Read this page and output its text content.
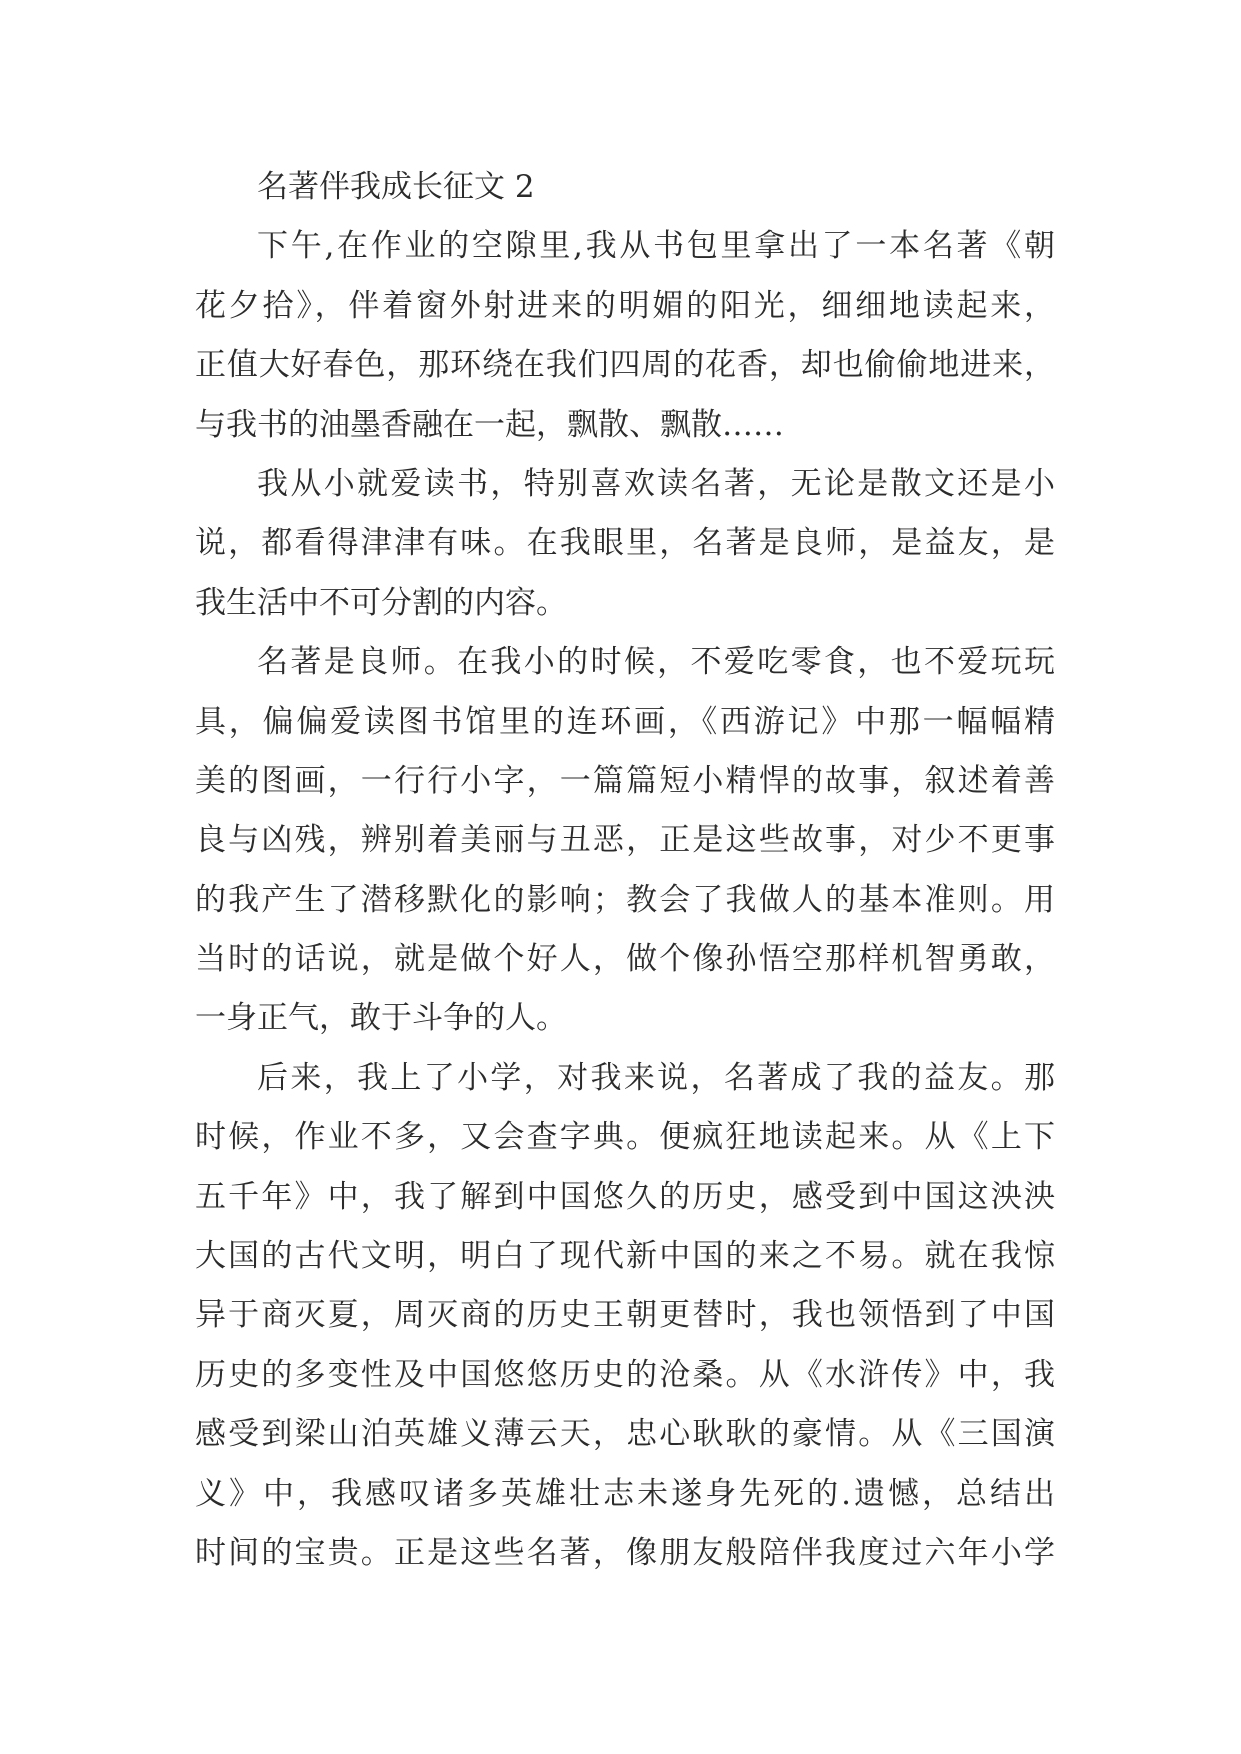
名著伴我成长征文 2
下午,在作业的空隙里,我从书包里拿出了一本名著《朝
花夕拾》，伴着窗外射进来的明媚的阳光，细细地读起来，
正值大好春色，那环绕在我们四周的花香，却也偷偷地进来，
与我书的油墨香融在一起，飘散、飘散……
我从小就爱读书，特别喜欢读名著，无论是散文还是小
说，都看得津津有味。在我眼里，名著是良师，是益友，是
我生活中不可分割的内容。
名著是良师。在我小的时候，不爱吃零食，也不爱玩玩
具，偏偏爱读图书馆里的连环画，《西游记》中那一幅幅精
美的图画，一行行小字，一篇篇短小精悍的故事，叙述着善
良与凶残，辨别着美丽与丑恶，正是这些故事，对少不更事
的我产生了潜移默化的影响；教会了我做人的基本准则。用
当时的话说，就是做个好人，做个像孙悟空那样机智勇敢，
一身正气，敢于斗争的人。
后来，我上了小学，对我来说，名著成了我的益友。那
时候，作业不多，又会查字典。便疯狂地读起来。从《上下
五千年》中，我了解到中国悠久的历史，感受到中国这泱泱
大国的古代文明，明白了现代新中国的来之不易。就在我惊
异于商灭夏，周灭商的历史王朝更替时，我也领悟到了中国
历史的多变性及中国悠悠历史的沧桑。从《水浒传》中，我
感受到梁山泊英雄义薄云天，忠心耿耿的豪情。从《三国演
义》中，我感叹诸多英雄壮志未遂身先死的.遗憾，总结出
时间的宝贵。正是这些名著，像朋友般陪伴我度过六年小学
